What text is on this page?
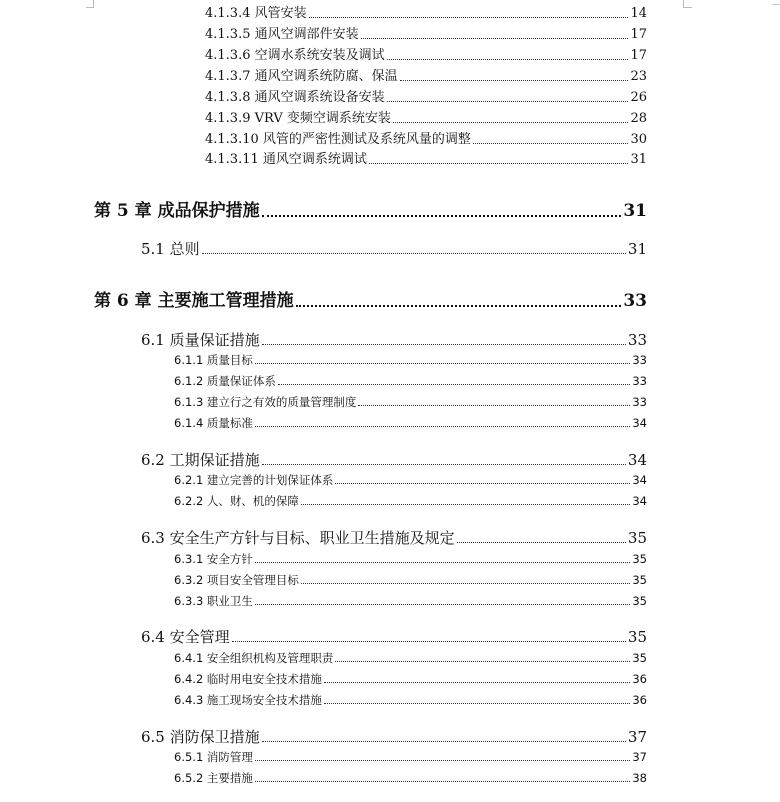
4.1.3.4 风管安装	14
4.1.3.5 通风空调部件安装	17
4.1.3.6 空调水系统安装及调试	17
4.1.3.7 通风空调系统防腐、保温	23
4.1.3.8 通风空调系统设备安装	26
4.1.3.9 VRV 变频空调系统安装	28
4.1.3.10 风管的严密性测试及系统风量的调整	30
4.1.3.11 通风空调系统调试	31
第 5 章 成品保护措施	31
5.1 总则	31
第 6 章 主要施工管理措施	33
6.1 质量保证措施	33
6.1.1 质量目标	33
6.1.2 质量保证体系	33
6.1.3 建立行之有效的质量管理制度	33
6.1.4 质量标准	34
6.2 工期保证措施	34
6.2.1 建立完善的计划保证体系	34
6.2.2 人、财、机的保障	34
6.3 安全生产方针与目标、职业卫生措施及规定	35
6.3.1 安全方针	35
6.3.2 项目安全管理目标	35
6.3.3 职业卫生	35
6.4 安全管理	35
6.4.1 安全组织机构及管理职责	35
6.4.2 临时用电安全技术措施	36
6.4.3 施工现场安全技术措施	36
6.5 消防保卫措施	37
6.5.1 消防管理	37
6.5.2 主要措施	38
